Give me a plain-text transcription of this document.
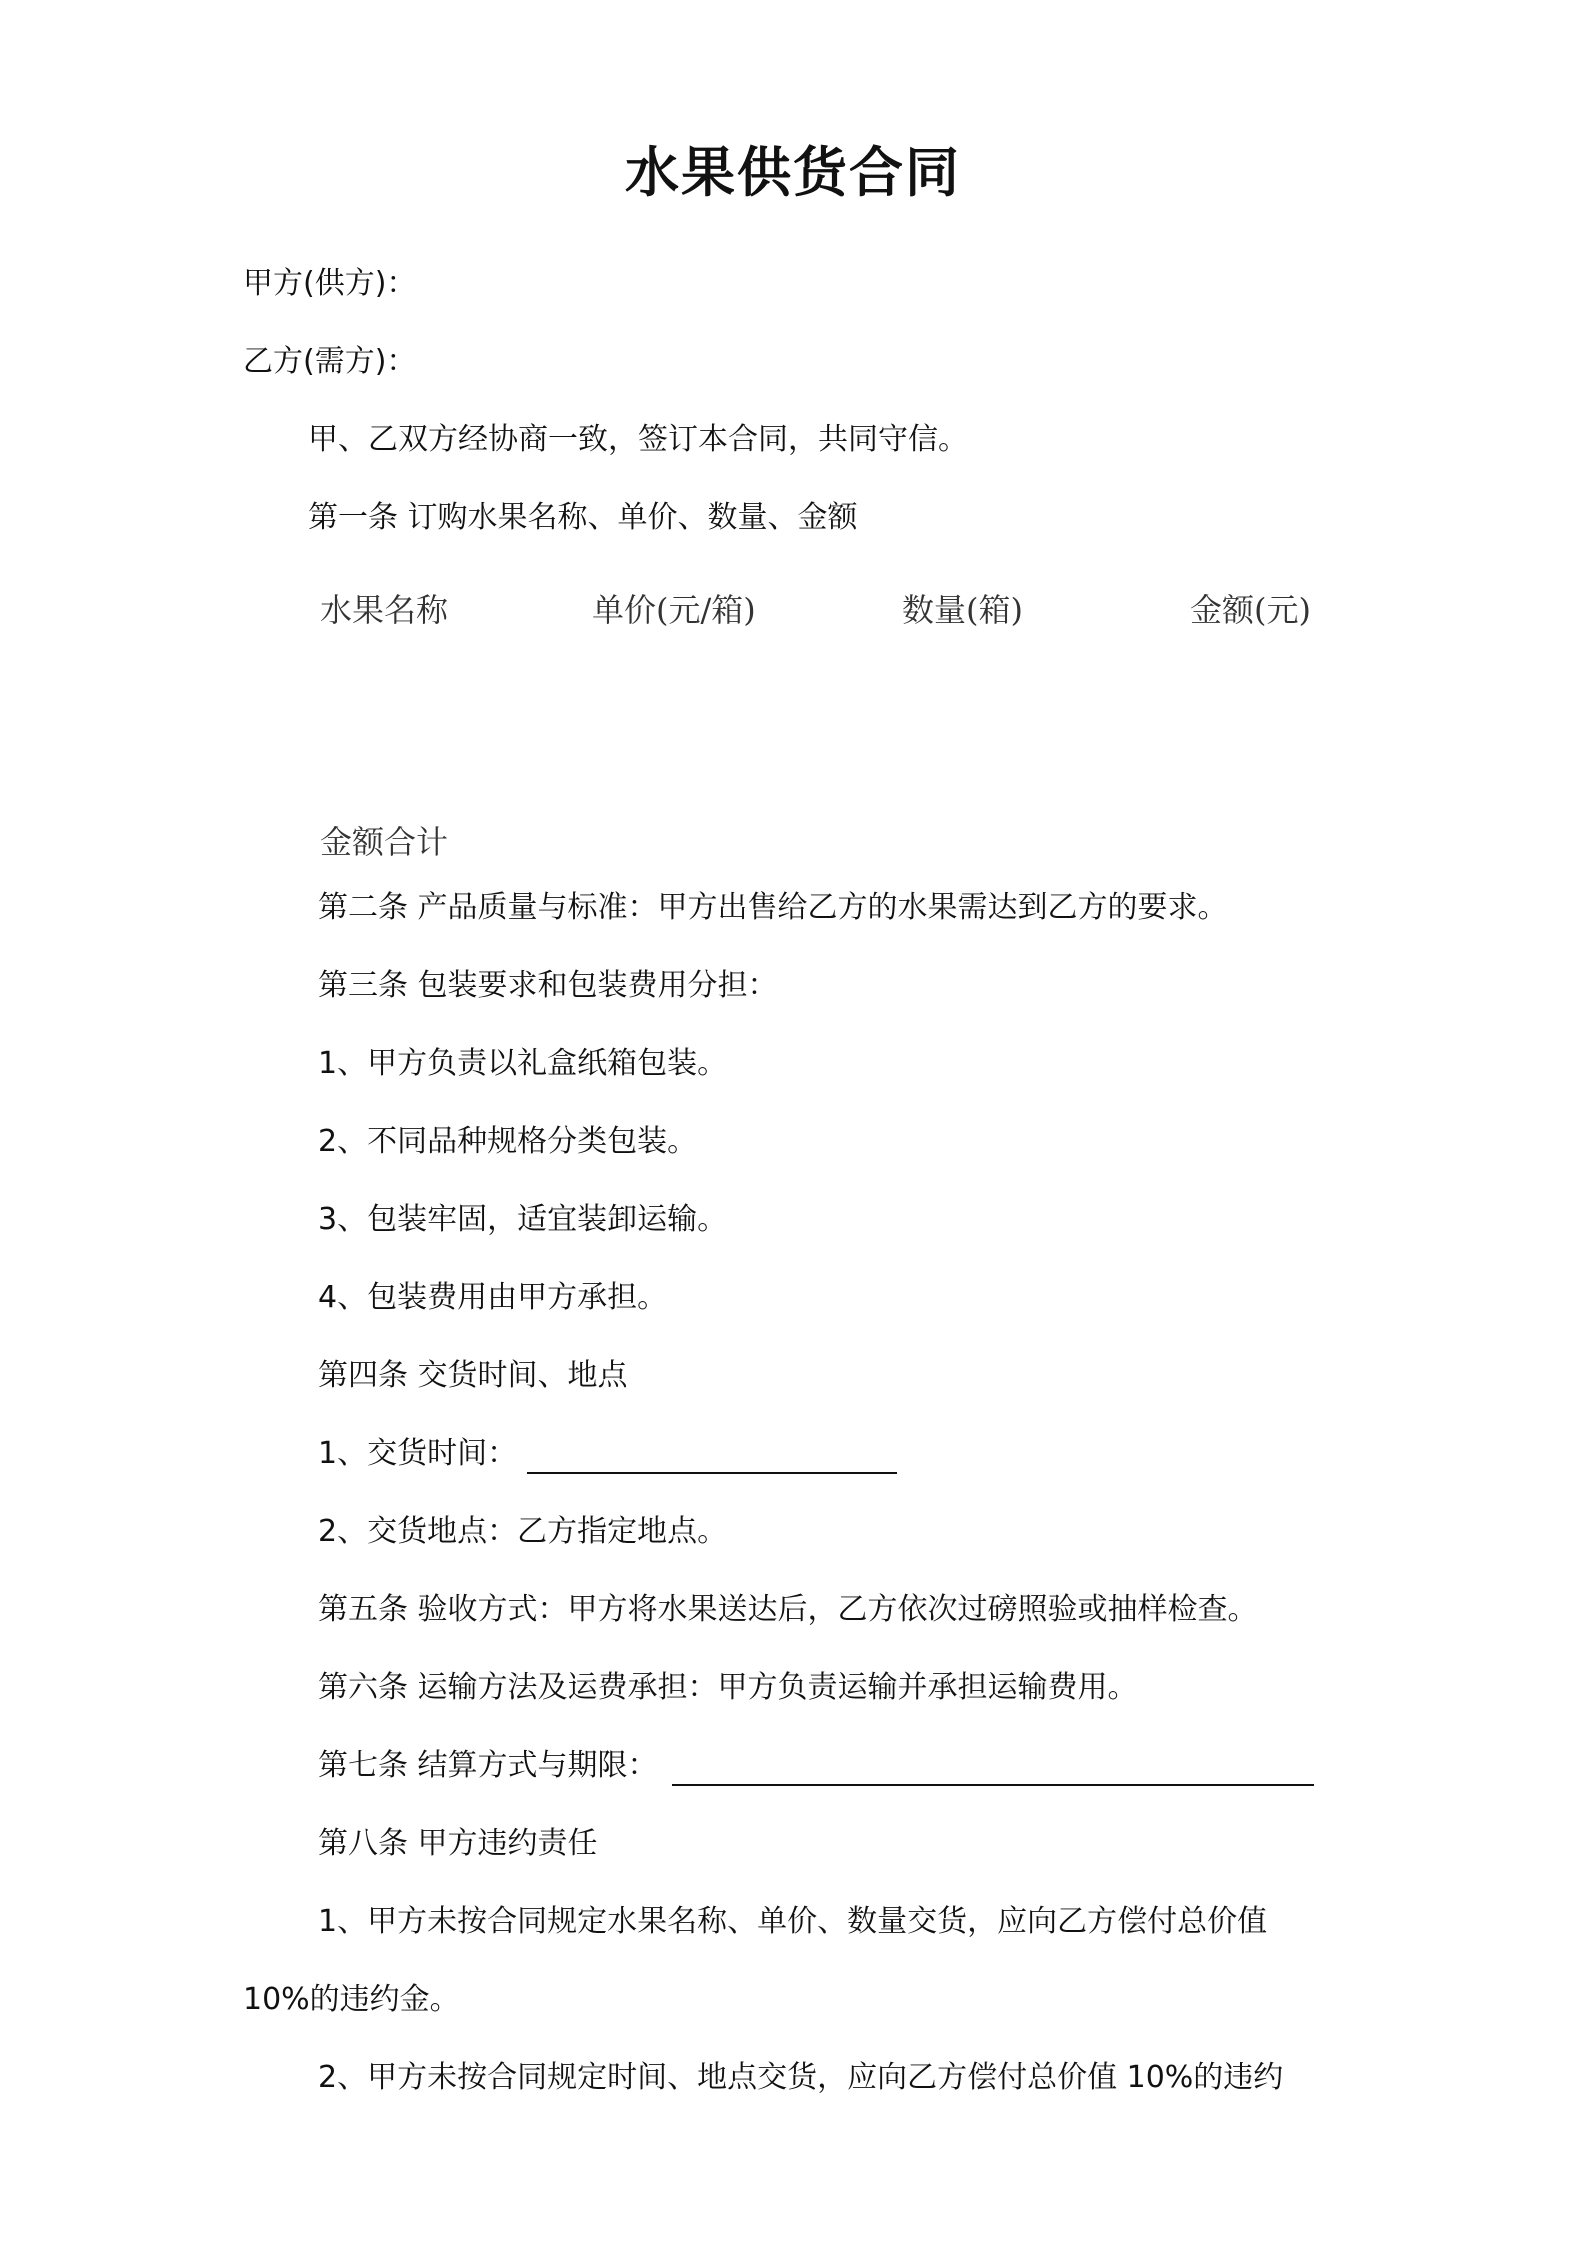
水果供货合同
甲方(供方)：
乙方(需方)：
甲、乙双方经协商一致，签订本合同，共同守信。
第一条 订购水果名称、单价、数量、金额
水果名称	单价(元/箱)	数量(箱)	金额(元)
金额合计
第二条 产品质量与标准：甲方出售给乙方的水果需达到乙方的要求。
第三条 包装要求和包装费用分担：
1、甲方负责以礼盒纸箱包装。
2、不同品种规格分类包装。
3、包装牢固，适宜装卸运输。
4、包装费用由甲方承担。
第四条 交货时间、地点
1、交货时间：
2、交货地点：乙方指定地点。
第五条 验收方式：甲方将水果送达后，乙方依次过磅照验或抽样检查。
第六条 运输方法及运费承担：甲方负责运输并承担运输费用。
第七条 结算方式与期限：
第八条 甲方违约责任
1、甲方未按合同规定水果名称、单价、数量交货，应向乙方偿付总价值
10%的违约金。
2、甲方未按合同规定时间、地点交货，应向乙方偿付总价值 10%的违约
